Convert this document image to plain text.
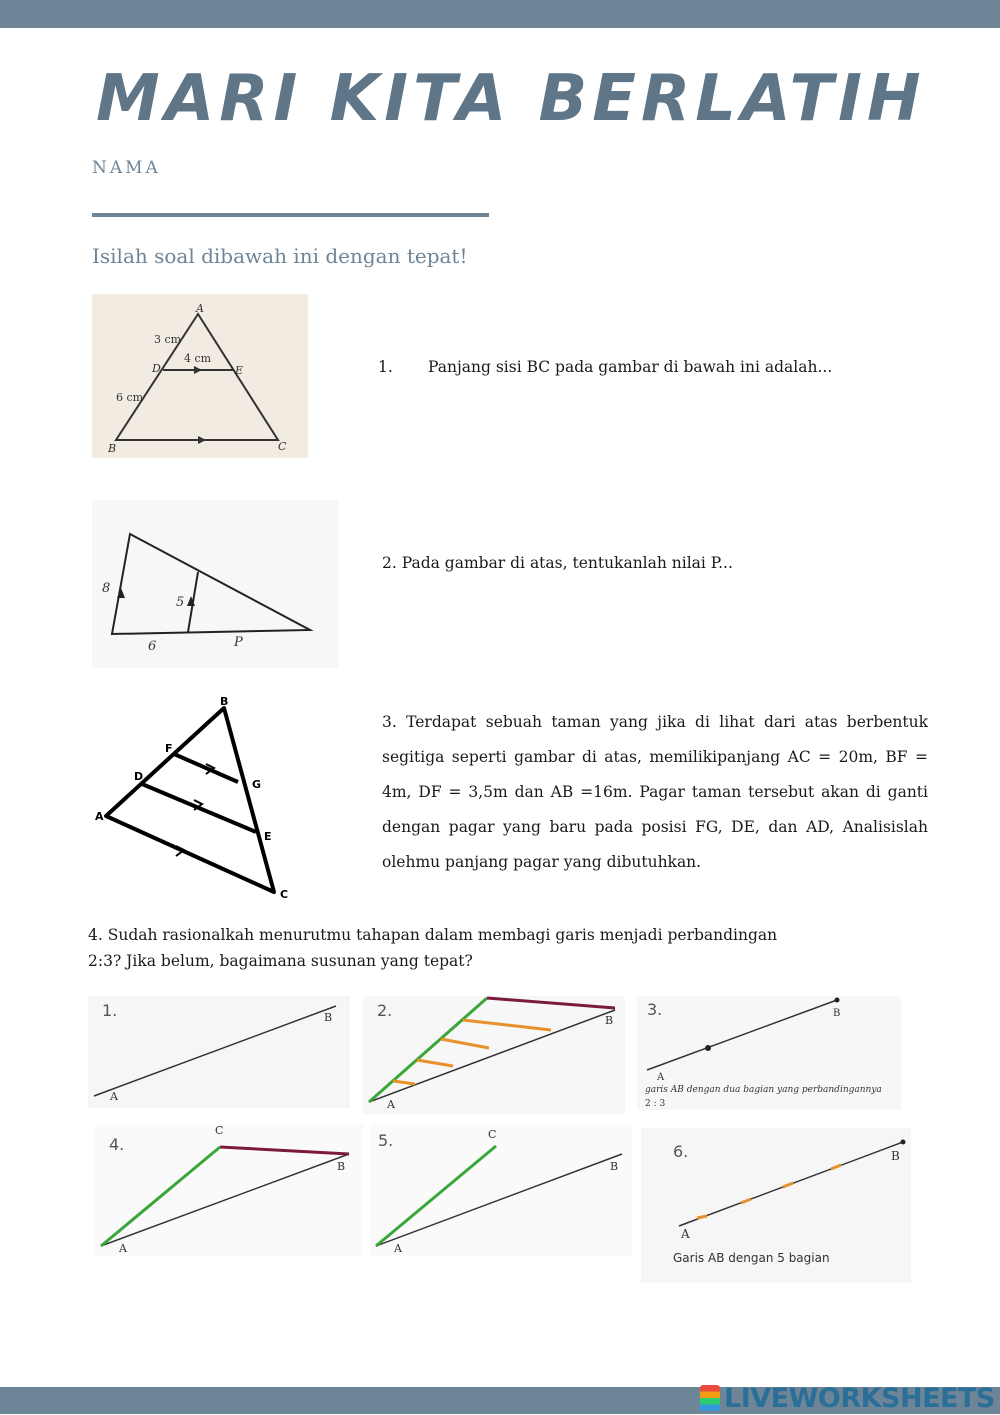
MARI KITA BERLATIH
NAMA
Isilah soal dibawah ini dengan tepat!
A
B	C
D	E
3 cm
4 cm
6 cm
1. Panjang sisi BC pada gambar di bawah ini adalah...
8
5
6	P
2. Pada gambar di atas, tentukanlah nilai P...
B
F
D
G
A
E
C
3. Terdapat sebuah taman yang jika di lihat dari atas berbentuk segitiga seperti gambar di atas, memilikipanjang AC = 20m, BF = 4m, DF = 3,5m dan AB =16m. Pagar taman tersebut akan di ganti dengan pagar yang baru pada posisi FG, DE, dan AD, Analisislah olehmu panjang pagar yang dibutuhkan.
4. Sudah rasionalkah menurutmu tahapan dalam membagi garis menjadi perbandingan
2:3? Jika belum, bagaimana susunan yang tepat?
1.
A
B	2.
A
B
3.
A
B
garis AB dengan dua bagian yang perbandingannya
2 : 3
4.
A
B
C
5.
A
B
C
6.
A
B
Garis AB dengan 5 bagian
LIVEWORKSHEETS
